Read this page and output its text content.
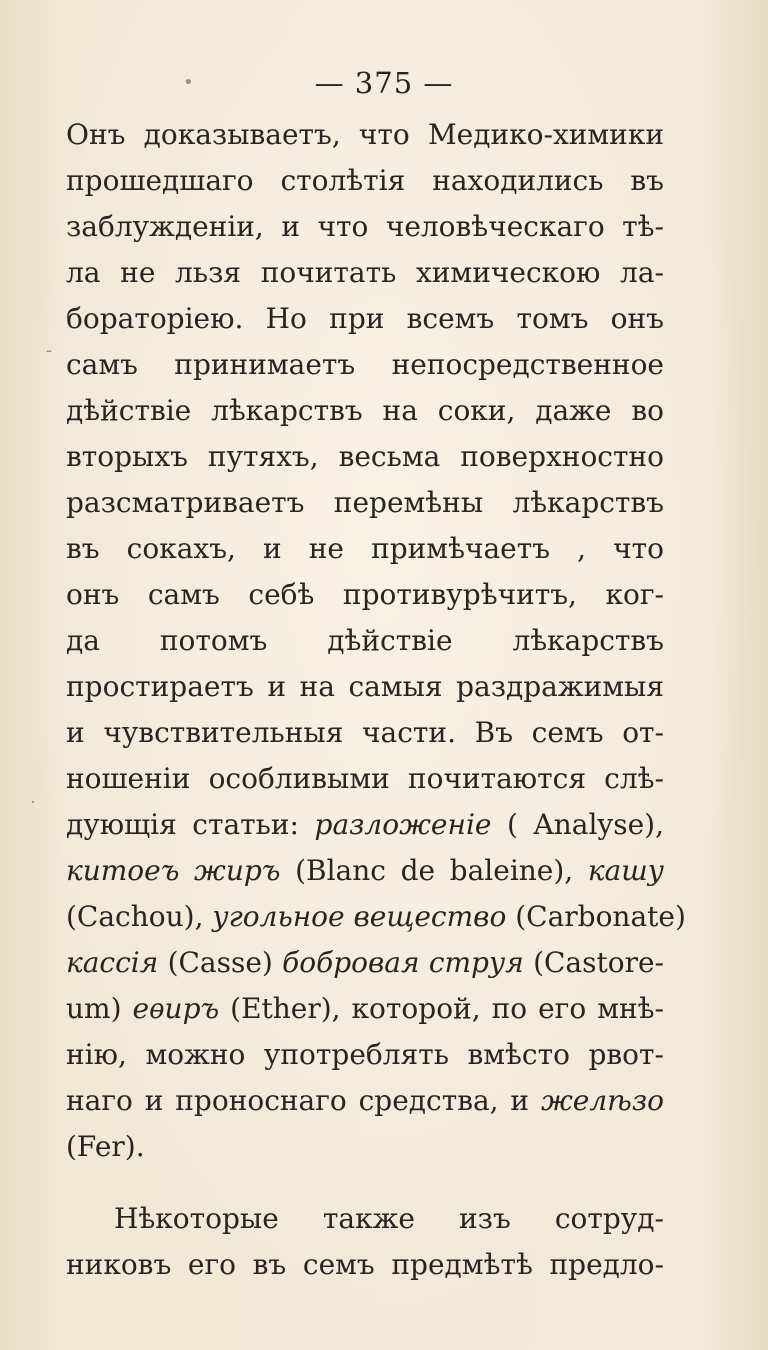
— 375 —
•
‐
·
Онъ доказываетъ, что Медико-химики
прошедшаго столѣтія находились въ
заблужденіи, и что человѣческаго тѣ-
ла не льзя почитать химическою ла-
бораторіею. Но при всемъ томъ онъ
самъ принимаетъ непосредственное
дѣйствіе лѣкарствъ на соки, даже во
вторыхъ путяхъ, весьма поверхностно
разсматриваетъ перемѣны лѣкарствъ
въ сокахъ, и не примѣчаетъ , что
онъ самъ себѣ противурѣчитъ, ког-
да потомъ дѣйствіе лѣкарствъ
простираетъ и на самыя раздражимыя
и чувствительныя части. Въ семъ от-
ношеніи особливыми почитаются слѣ-
дующія статьи: разложеніе ( Analyse),
китоеъ жиръ (Blanc de baleine), кашу
(Cachou), угольное вещество (Carbonate)
кассія (Casse) бобровая струя (Castore-
um) еѳиръ (Ether), которой, по его мнѣ-
нію, можно употреблять вмѣсто рвот-
наго и проноснаго средства, и желѣзо
(Fer).
Нѣкоторые также изъ сотруд-
никовъ его въ семъ предмѣтѣ предло-
